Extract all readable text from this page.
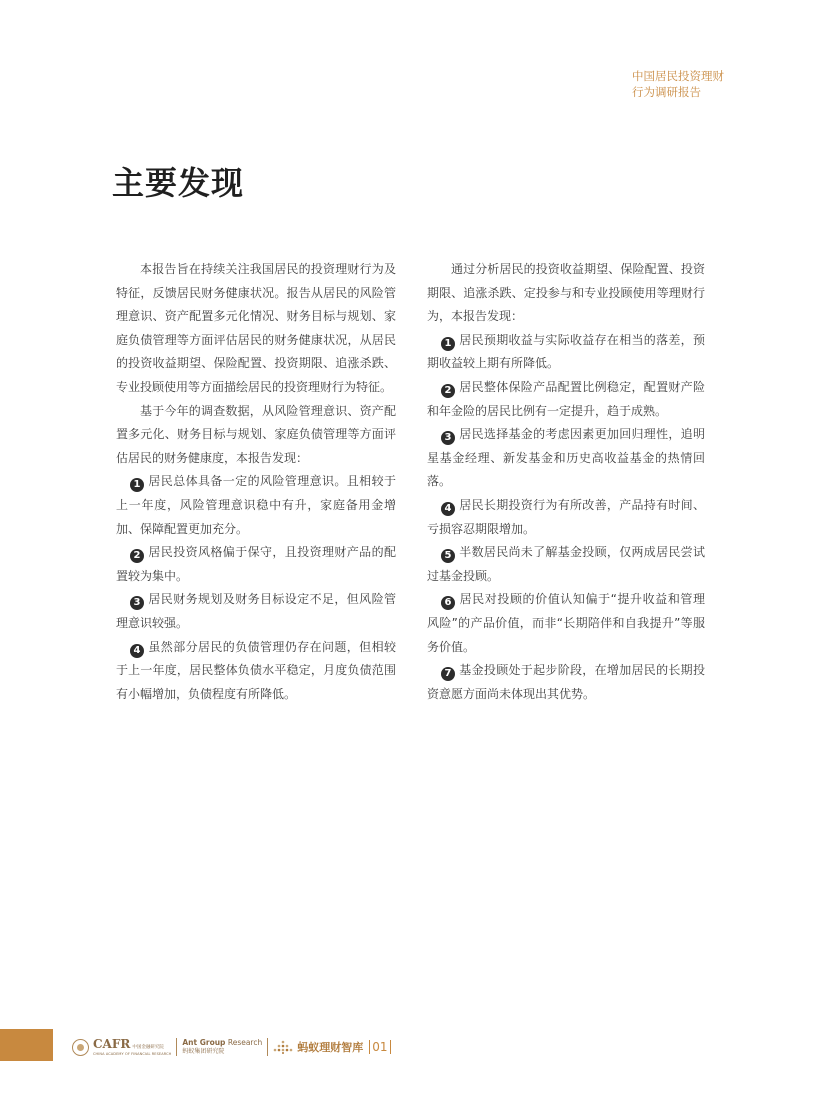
中国居民投资理财
行为调研报告
主要发现

本报告旨在持续关注我国居民的投资理财行为及特征，反馈居民财务健康状况。报告从居民的风险管理意识、资产配置多元化情况、财务目标与规划、家庭负债管理等方面评估居民的财务健康状况，从居民的投资收益期望、保险配置、投资期限、追涨杀跌、专业投顾使用等方面描绘居民的投资理财行为特征。

基于今年的调查数据，从风险管理意识、资产配置多元化、财务目标与规划、家庭负债管理等方面评估居民的财务健康度，本报告发现：

1 居民总体具备一定的风险管理意识。且相较于上一年度，风险管理意识稳中有升，家庭备用金增加、保障配置更加充分。

2 居民投资风格偏于保守，且投资理财产品的配置较为集中。

3 居民财务规划及财务目标设定不足，但风险管理意识较强。

4 虽然部分居民的负债管理仍存在问题，但相较于上一年度，居民整体负债水平稳定，月度负债范围有小幅增加，负债程度有所降低。

通过分析居民的投资收益期望、保险配置、投资期限、追涨杀跌、定投参与和专业投顾使用等理财行为，本报告发现：

1 居民预期收益与实际收益存在相当的落差，预期收益较上期有所降低。

2 居民整体保险产品配置比例稳定，配置财产险和年金险的居民比例有一定提升，趋于成熟。

3 居民选择基金的考虑因素更加回归理性，追明星基金经理、新发基金和历史高收益基金的热情回落。

4 居民长期投资行为有所改善，产品持有时间、亏损容忍期限增加。

5 半数居民尚未了解基金投顾，仅两成居民尝试过基金投顾。

6 居民对投顾的价值认知偏于“提升收益和管理风险”的产品价值，而非“长期陪伴和自我提升”等服务价值。

7 基金投顾处于起步阶段，在增加居民的长期投资意愿方面尚未体现出其优势。

CAFR 中国金融研究院
CHINA ACADEMY OF FINANCIAL RESEARCH
Ant Group Research
蚂蚁集团研究院	蚂蚁理财智库 01
